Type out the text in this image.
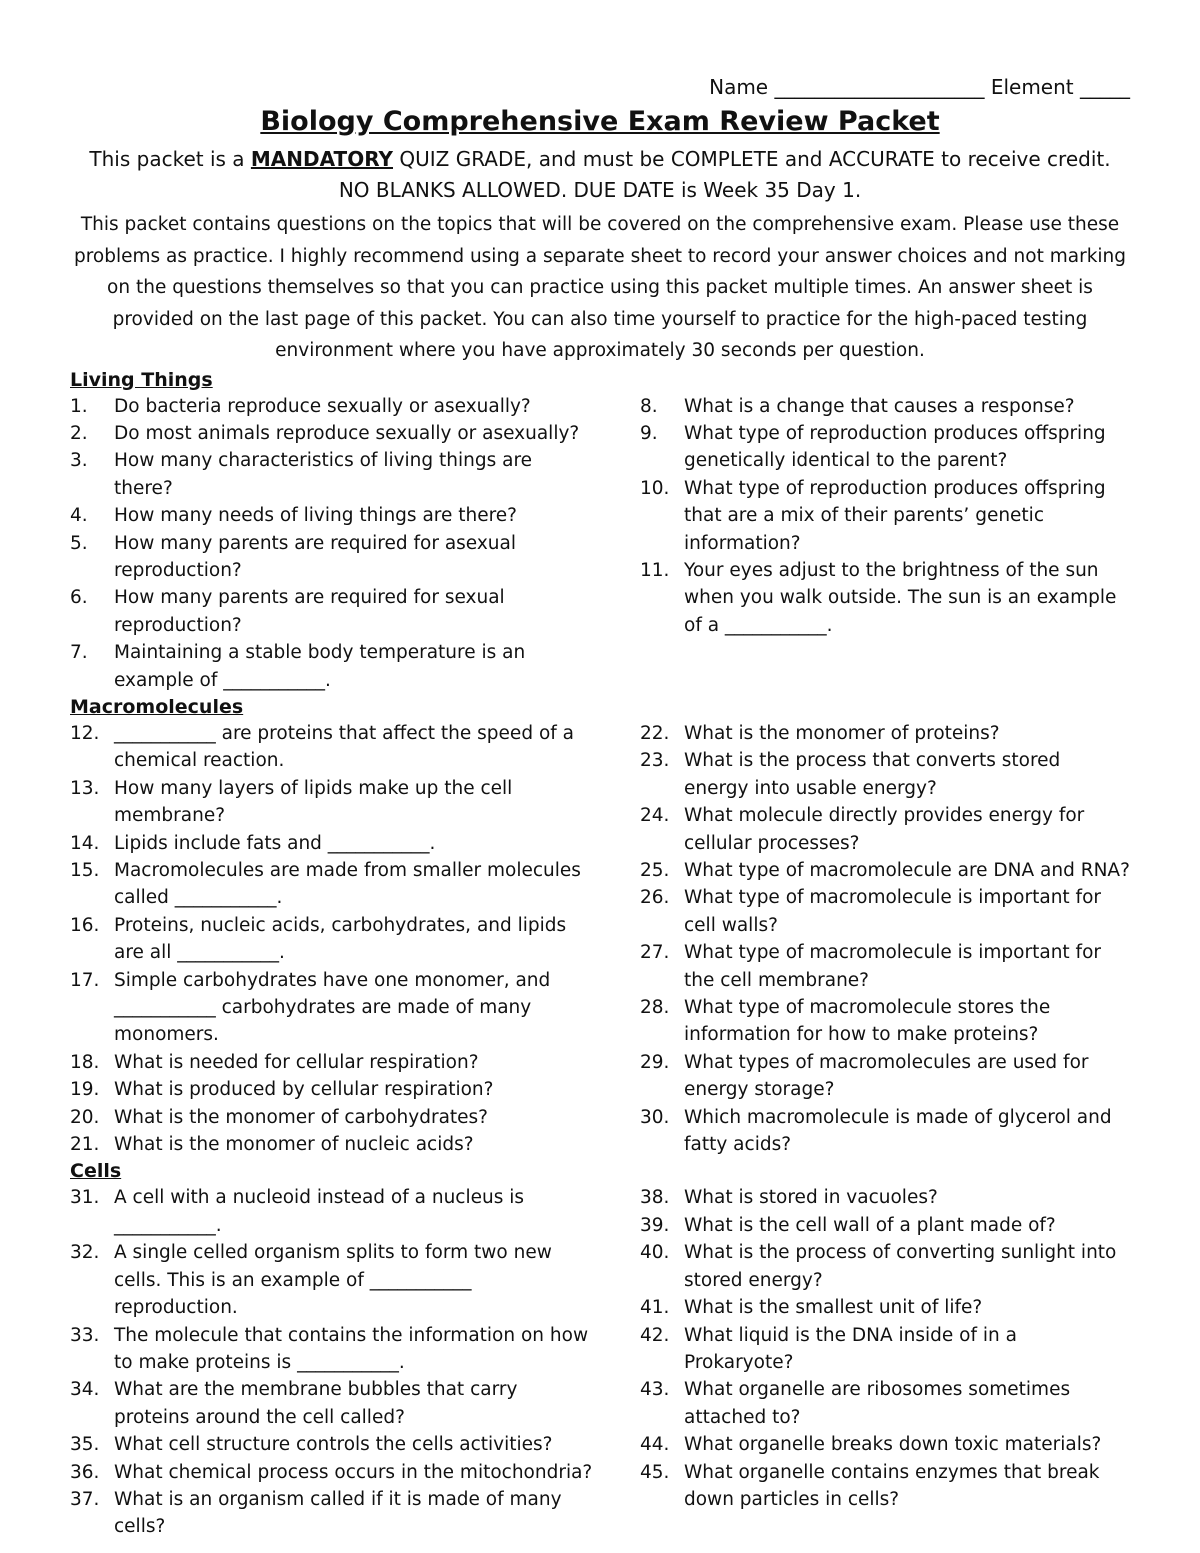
Name _____________________ Element _____
Biology Comprehensive Exam Review Packet
This packet is a MANDATORY QUIZ GRADE, and must be COMPLETE and ACCURATE to receive credit.
NO BLANKS ALLOWED. DUE DATE is Week 35 Day 1.
This packet contains questions on the topics that will be covered on the comprehensive exam. Please use these problems as practice. I highly recommend using a separate sheet to record your answer choices and not marking on the questions themselves so that you can practice using this packet multiple times. An answer sheet is provided on the last page of this packet. You can also time yourself to practice for the high-paced testing environment where you have approximately 30 seconds per question.
Living Things
1.	Do bacteria reproduce sexually or asexually?
2.	Do most animals reproduce sexually or asexually?
3.	How many characteristics of living things are there?
4.	How many needs of living things are there?
5.	How many parents are required for asexual reproduction?
6.	How many parents are required for sexual reproduction?
7.	Maintaining a stable body temperature is an example of ___________.
8.	What is a change that causes a response?
9.	What type of reproduction produces offspring genetically identical to the parent?
10. What type of reproduction produces offspring that are a mix of their parents’ genetic information?
11. Your eyes adjust to the brightness of the sun when you walk outside. The sun is an example of a ___________.
Macromolecules
12. ___________ are proteins that affect the speed of a chemical reaction.
13. How many layers of lipids make up the cell membrane?
14. Lipids include fats and ___________.
15. Macromolecules are made from smaller molecules called ___________.
16. Proteins, nucleic acids, carbohydrates, and lipids are all ___________.
17. Simple carbohydrates have one monomer, and ___________ carbohydrates are made of many monomers.
18. What is needed for cellular respiration?
19. What is produced by cellular respiration?
20. What is the monomer of carbohydrates?
21. What is the monomer of nucleic acids?
22. What is the monomer of proteins?
23. What is the process that converts stored energy into usable energy?
24. What molecule directly provides energy for cellular processes?
25. What type of macromolecule are DNA and RNA?
26. What type of macromolecule is important for cell walls?
27. What type of macromolecule is important for the cell membrane?
28. What type of macromolecule stores the information for how to make proteins?
29. What types of macromolecules are used for energy storage?
30. Which macromolecule is made of glycerol and fatty acids?
Cells
31. A cell with a nucleoid instead of a nucleus is ___________.
32. A single celled organism splits to form two new cells. This is an example of ___________ reproduction.
33. The molecule that contains the information on how to make proteins is ___________.
34. What are the membrane bubbles that carry proteins around the cell called?
35. What cell structure controls the cells activities?
36. What chemical process occurs in the mitochondria?
37. What is an organism called if it is made of many cells?
38. What is stored in vacuoles?
39. What is the cell wall of a plant made of?
40. What is the process of converting sunlight into stored energy?
41. What is the smallest unit of life?
42. What liquid is the DNA inside of in a Prokaryote?
43. What organelle are ribosomes sometimes attached to?
44. What organelle breaks down toxic materials?
45. What organelle contains enzymes that break down particles in cells?
